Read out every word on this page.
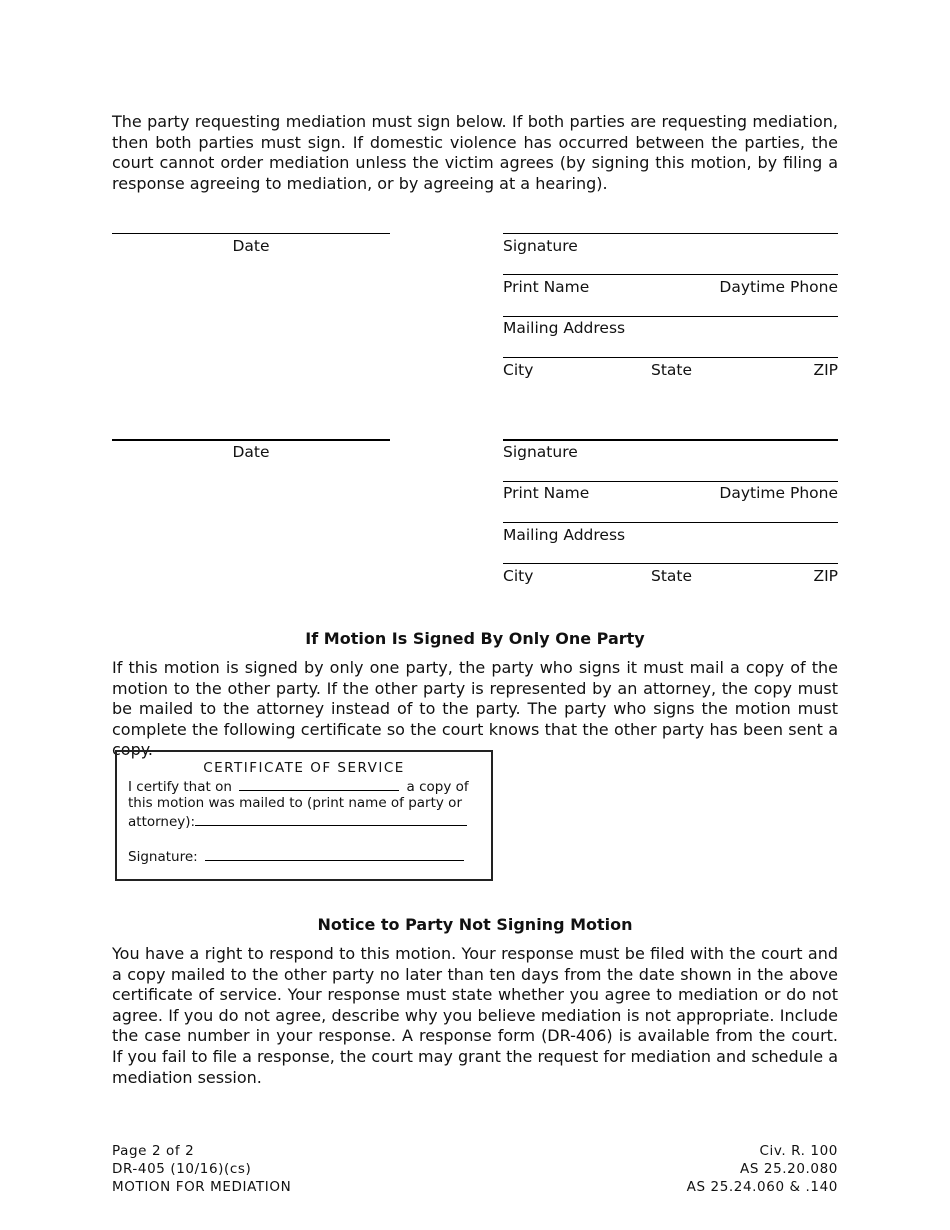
The party requesting mediation must sign below. If both parties are requesting mediation, then both parties must sign. If domestic violence has occurred between the parties, the court cannot order mediation unless the victim agrees (by signing this motion, by filing a response agreeing to mediation, or by agreeing at a hearing).
Date	Signature
Print Name	Daytime Phone
Mailing Address
City	State	ZIP
Date	Signature
Print Name	Daytime Phone
Mailing Address
City	State	ZIP
If Motion Is Signed By Only One Party
If this motion is signed by only one party, the party who signs it must mail a copy of the motion to the other party. If the other party is represented by an attorney, the copy must be mailed to the attorney instead of to the party. The party who signs the motion must complete the following certificate so the court knows that the other party has been sent a copy.
CERTIFICATE OF SERVICE
I certify that on	a copy of
this motion was mailed to (print name of party or
attorney):
Signature:
Notice to Party Not Signing Motion
You have a right to respond to this motion. Your response must be filed with the court and a copy mailed to the other party no later than ten days from the date shown in the above certificate of service. Your response must state whether you agree to mediation or do not agree. If you do not agree, describe why you believe mediation is not appropriate. Include the case number in your response. A response form (DR-406) is available from the court. If you fail to file a response, the court may grant the request for mediation and schedule a mediation session.
Page 2 of 2
DR-405 (10/16)(cs)
MOTION FOR MEDIATION
Civ. R. 100
AS 25.20.080
AS 25.24.060 & .140
